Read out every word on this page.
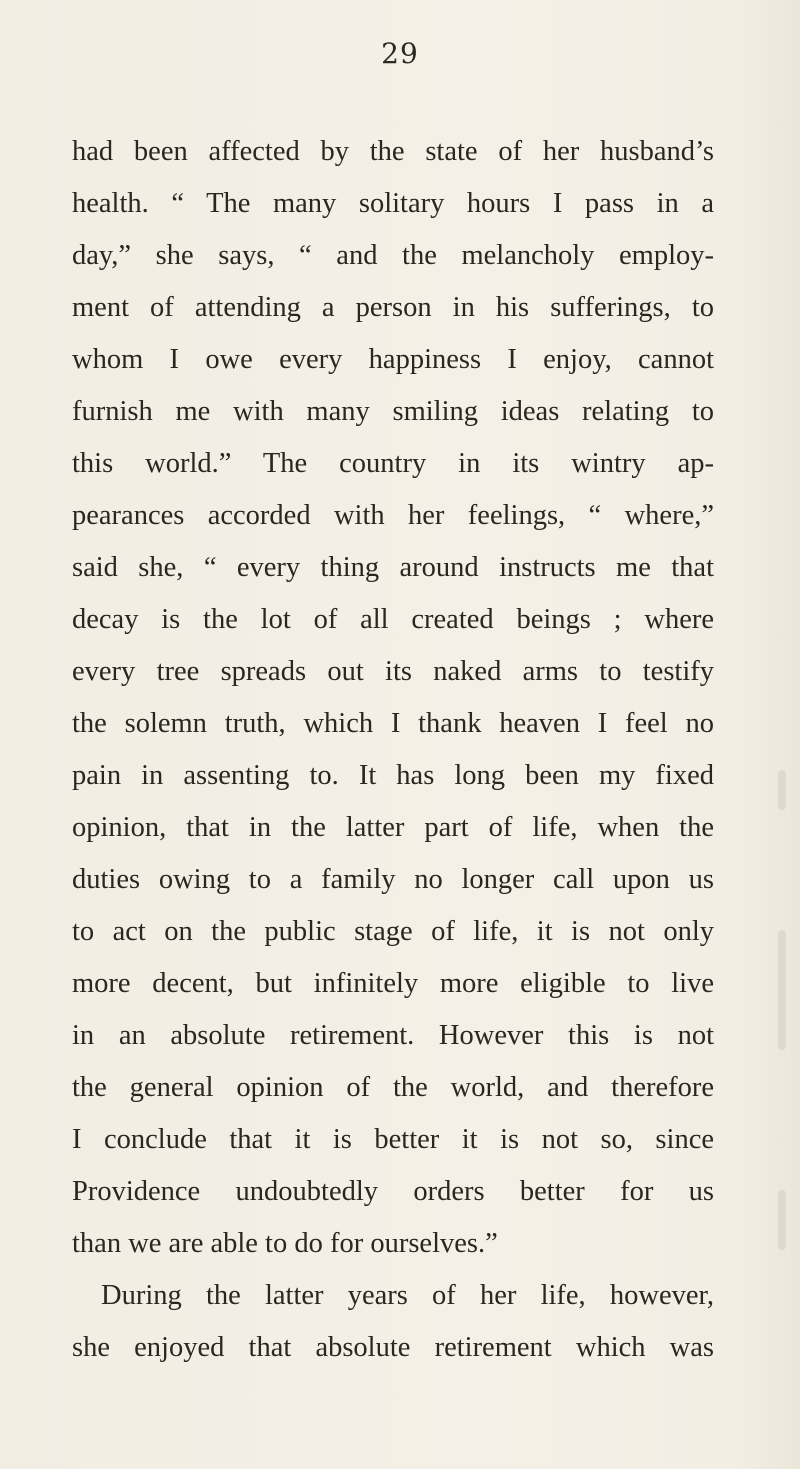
29
had been affected by the state of her husband’s
health. “ The many solitary hours I pass in a
day,” she says, “ and the melancholy employ-
ment of attending a person in his sufferings, to
whom I owe every happiness I enjoy, cannot
furnish me with many smiling ideas relating to
this world.” The country in its wintry ap-
pearances accorded with her feelings, “ where,”
said she, “ every thing around instructs me that
decay is the lot of all created beings ; where
every tree spreads out its naked arms to testify
the solemn truth, which I thank heaven I feel no
pain in assenting to. It has long been my fixed
opinion, that in the latter part of life, when the
duties owing to a family no longer call upon us
to act on the public stage of life, it is not only
more decent, but infinitely more eligible to live
in an absolute retirement. However this is not
the general opinion of the world, and therefore
I conclude that it is better it is not so, since
Providence undoubtedly orders better for us
than we are able to do for ourselves.”
During the latter years of her life, however,
she enjoyed that absolute retirement which was
